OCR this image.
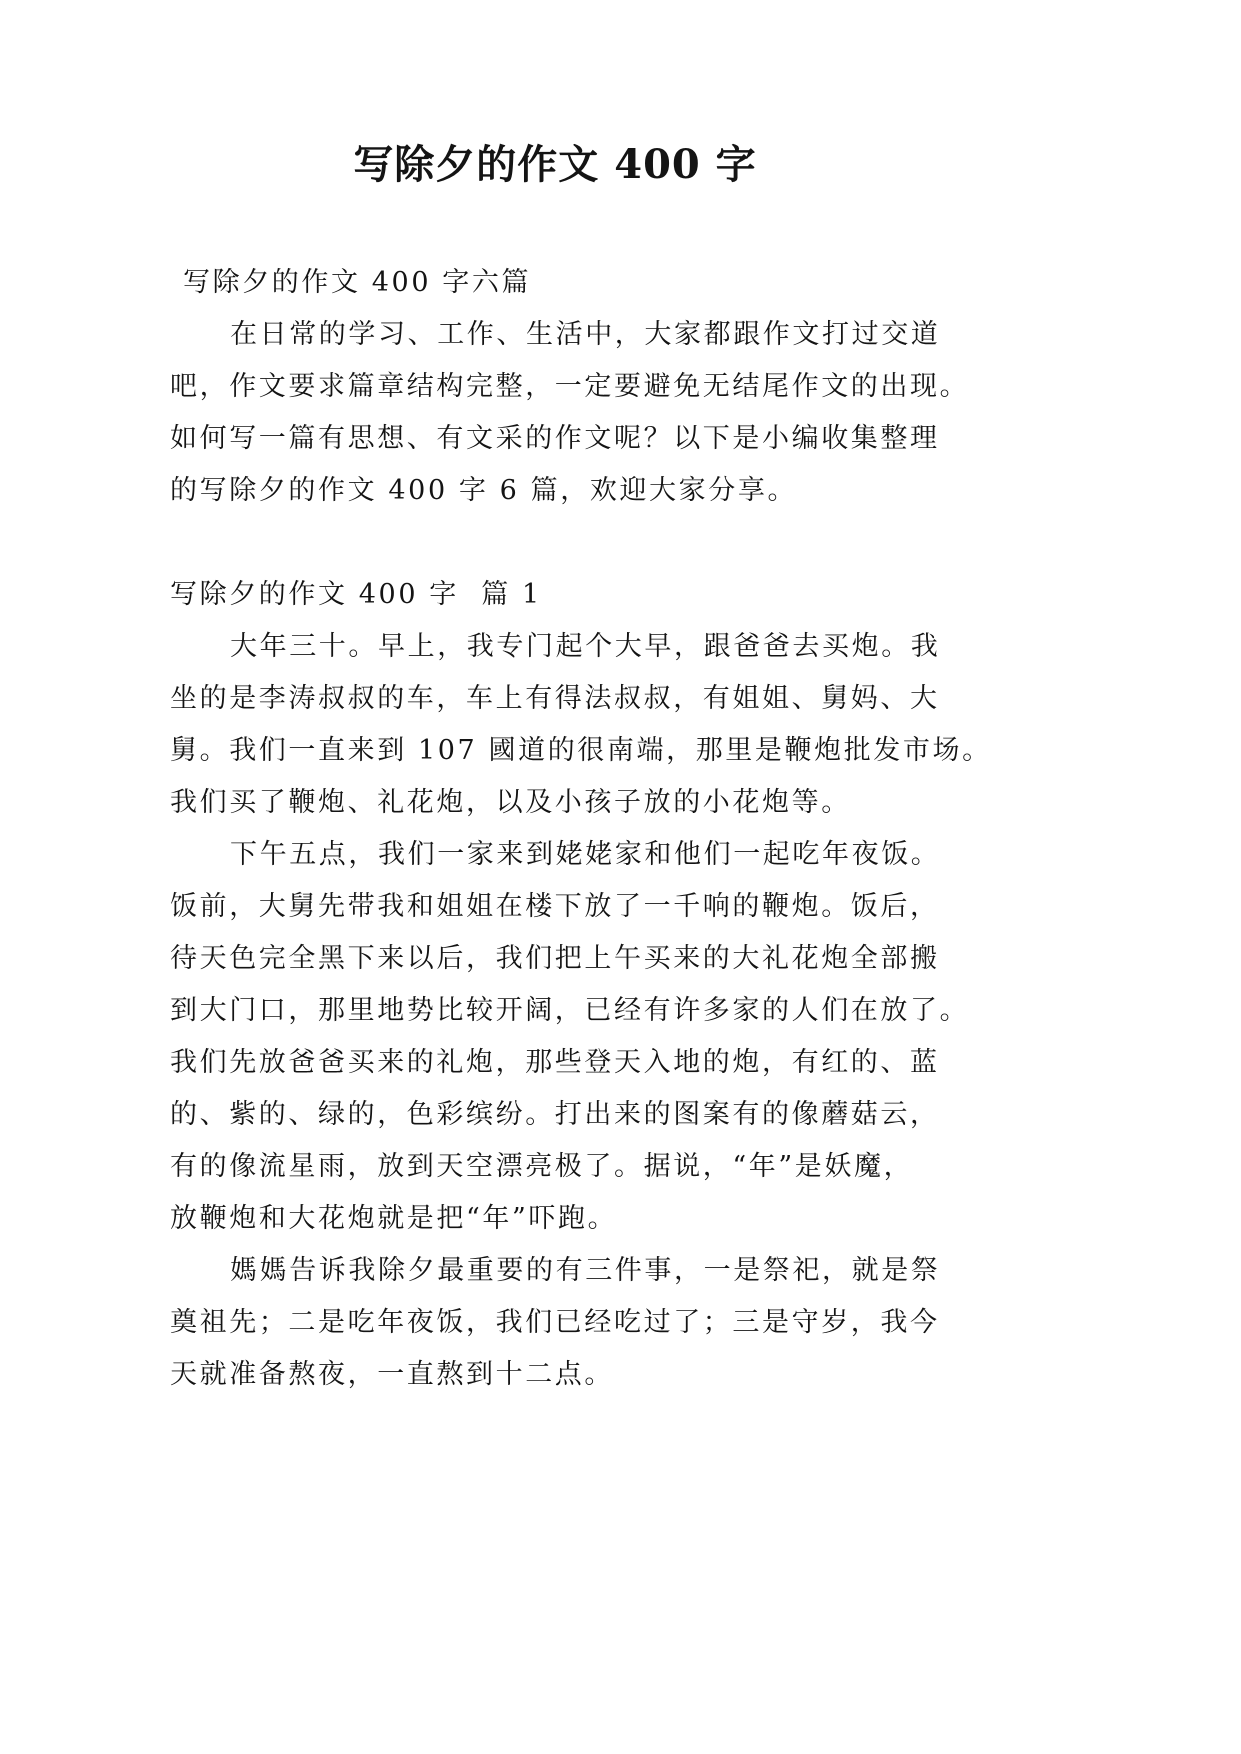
写除夕的作文 400 字
写除夕的作文 400 字六篇
在日常的学习、工作、生活中，大家都跟作文打过交道
吧，作文要求篇章结构完整，一定要避免无结尾作文的出现。
如何写一篇有思想、有文采的作文呢？以下是小编收集整理
的写除夕的作文 400 字 6 篇，欢迎大家分享。
写除夕的作文 400 字  篇 1
大年三十。早上，我专门起个大早，跟爸爸去买炮。我
坐的是李涛叔叔的车，车上有得法叔叔，有姐姐、舅妈、大
舅。我们一直来到 107 國道的很南端，那里是鞭炮批发市场。
我们买了鞭炮、礼花炮，以及小孩子放的小花炮等。
下午五点，我们一家来到姥姥家和他们一起吃年夜饭。
饭前，大舅先带我和姐姐在楼下放了一千响的鞭炮。饭后，
待天色完全黑下来以后，我们把上午买来的大礼花炮全部搬
到大门口，那里地势比较开阔，已经有许多家的人们在放了。
我们先放爸爸买来的礼炮，那些登天入地的炮，有红的、蓝
的、紫的、绿的，色彩缤纷。打出来的图案有的像蘑菇云，
有的像流星雨，放到天空漂亮极了。据说，“年”是妖魔，
放鞭炮和大花炮就是把“年”吓跑。
媽媽告诉我除夕最重要的有三件事，一是祭祀，就是祭
奠祖先；二是吃年夜饭，我们已经吃过了；三是守岁，我今
天就准备熬夜，一直熬到十二点。
